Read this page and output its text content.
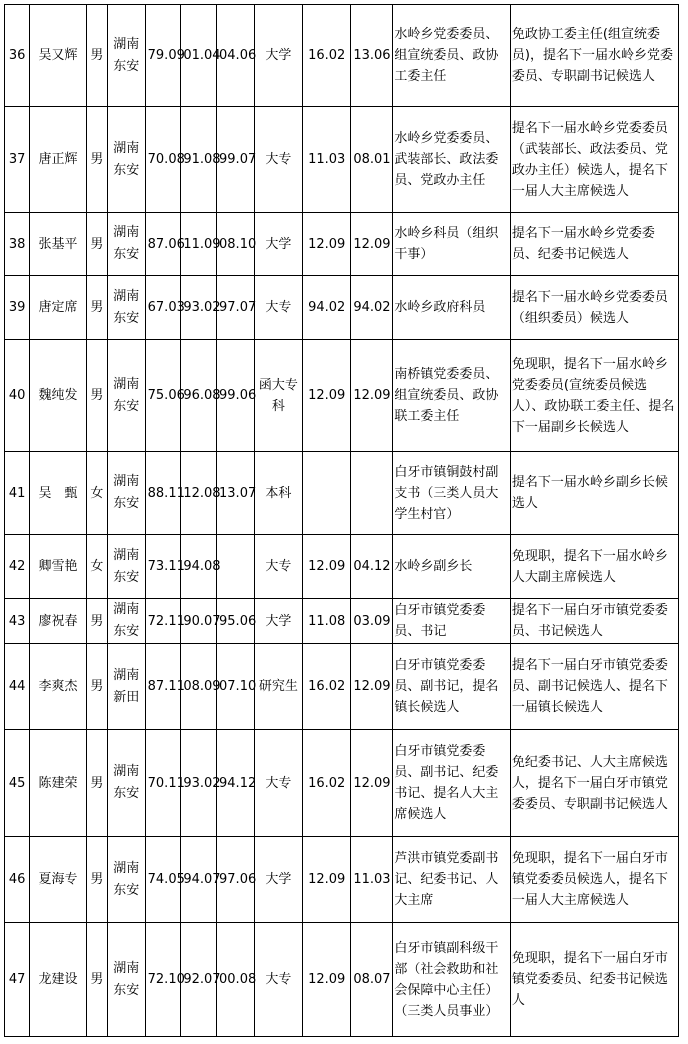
36	吴又辉	男	湖南东安	79.09	01.04	04.06	大学	16.02	13.06	水岭乡党委委员、组宣统委员、政协工委主任	免政协工委主任(组宣统委员)，提名下一届水岭乡党委委员、专职副书记候选人
37	唐正辉	男	湖南东安	70.08	91.08	99.07	大专	11.03	08.01	水岭乡党委委员、武装部长、政法委员、党政办主任	提名下一届水岭乡党委委员（武装部长、政法委员、党政办主任）候选人，提名下一届人大主席候选人
38	张基平	男	湖南东安	87.06	11.09	08.10	大学	12.09	12.09	水岭乡科员（组织干事）	提名下一届水岭乡党委委员、纪委书记候选人
39	唐定席	男	湖南东安	67.03	93.02	97.07	大专	94.02	94.02	水岭乡政府科员	提名下一届水岭乡党委委员（组织委员）候选人
40	魏纯发	男	湖南东安	75.06	96.08	99.06	函大专科	12.09	12.09	南桥镇党委委员、组宣统委员、政协联工委主任	免现职，提名下一届水岭乡党委委员(宣统委员候选人）、政协联工委主任、提名下一届副乡长候选人
41	吴　甄	女	湖南东安	88.11	12.08	13.07	本科			白牙市镇铜鼓村副支书（三类人员大学生村官）	提名下一届水岭乡副乡长候选人
42	卿雪艳	女	湖南东安	73.11	94.08		大专	12.09	04.12	水岭乡副乡长	免现职，提名下一届水岭乡人大副主席候选人
43	廖祝春	男	湖南东安	72.11	90.07	95.06	大学	11.08	03.09	白牙市镇党委委员、书记	提名下一届白牙市镇党委委员、书记候选人
44	李爽杰	男	湖南新田	87.11	08.09	07.10	研究生	16.02	12.09	白牙市镇党委委员、副书记，提名镇长候选人	提名下一届白牙市镇党委委员、副书记候选人、提名下一届镇长候选人
45	陈建荣	男	湖南东安	70.11	93.02	94.12	大专	16.02	12.09	白牙市镇党委委员、副书记、纪委书记、提名人大主席候选人	免纪委书记、人大主席候选人，提名下一届白牙市镇党委委员、专职副书记候选人
46	夏海专	男	湖南东安	74.05	94.07	97.06	大学	12.09	11.03	芦洪市镇党委副书记、纪委书记、人大主席	免现职，提名下一届白牙市镇党委委员候选人，提名下一届人大主席候选人
47	龙建设	男	湖南东安	72.10	92.07	00.08	大专	12.09	08.07	白牙市镇副科级干部（社会救助和社会保障中心主任）（三类人员事业）	免现职，提名下一届白牙市镇党委委员、纪委书记候选人
